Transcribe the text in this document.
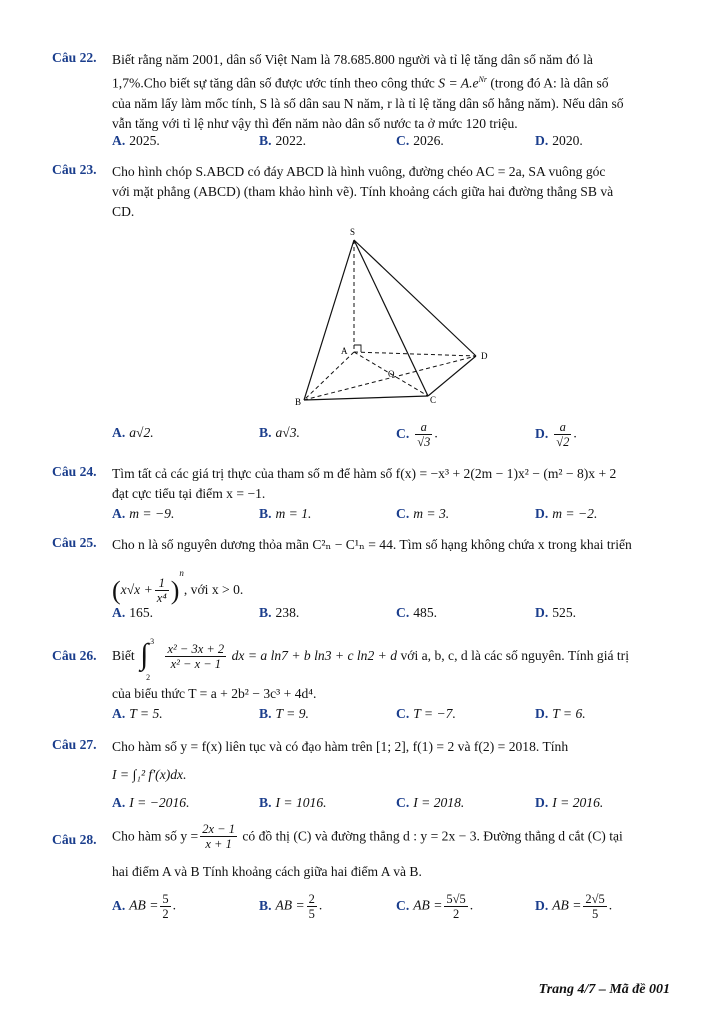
Câu 22.	Biết rằng năm 2001, dân số Việt Nam là 78.685.800 người và tỉ lệ tăng dân số năm đó là
1,7%.Cho biết sự tăng dân số được ước tính theo công thức $S = A.e^{Nr}$ (trong đó A: là dân số
của năm lấy làm mốc tính, S là số dân sau N năm, r là tỉ lệ tăng dân số hằng năm). Nếu dân số
vẫn tăng với tỉ lệ như vậy thì đến năm nào dân số nước ta ở mức 120 triệu.
A. 2025.	B. 2022.	C. 2026.	D. 2020.
Câu 23.	Cho hình chóp S.ABCD có đáy ABCD là hình vuông, đường chéo AC = 2a, SA vuông góc
với mặt phẳng (ABCD) (tham khảo hình vẽ). Tính khoảng cách giữa hai đường thẳng SB và
CD.
S
A
B	C
D
O
A. a√2.	B. a√3.	C. $\frac{a}{√3}$ .	D. $\frac{a}{√2}$ .
Câu 24.	Tìm tất cả các giá trị thực của tham số m để hàm số f(x) = −x³ + 2(2m − 1)x² − (m² − 8)x + 2
đạt cực tiểu tại điểm x = −1.
A. m = −9.	B. m = 1.	C. m = 3.	D. m = −2.
Câu 25.	Cho n là số nguyên dương thỏa mãn C²ₙ − C¹ₙ = 44. Tìm số hạng không chứa x trong khai triển
$(x√x + \frac{1}{\text{x⁴}} )^n$, với x > 0.
A. 165.	B. 238.	C. 485.	D. 525.
Câu 26.	Biết ∫ 3
2

$\frac{\text{x² − 3x + 2}}{\text{x² − x − 1}}$ dx = a ln7 + b ln3 + c ln2 + d với a, b, c, d là các số nguyên. Tính giá trị
của biểu thức T = a + 2b² − 3c³ + 4d⁴.
A. T = 5.	B. T = 9.	C. T = −7.	D. T = 6.
Câu 27.	Cho hàm số y = f(x) liên tục và có đạo hàm trên [1; 2], f(1) = 2 và f(2) = 2018. Tính
I = ∫₁² f′(x)dx.
A. I = −2016.	B. I = 1016.	C. I = 2018.	D. I = 2016.
Câu 28.	Cho hàm số $y = \frac{2x - 1}{x + 1}$ có đồ thị (C) và đường thẳng d : y = 2x − 3. Đường thẳng d cắt (C) tại
hai điểm A và B Tính khoảng cách giữa hai điểm A và B.
A. AB = $\frac{5}{2}$ .	B. AB = $\frac{2}{5}$ .	C. AB = $\frac{5√5}{2}$ .	D. AB = $\frac{2√5}{5}$ .
Trang 4/7 – Mã đề 001
